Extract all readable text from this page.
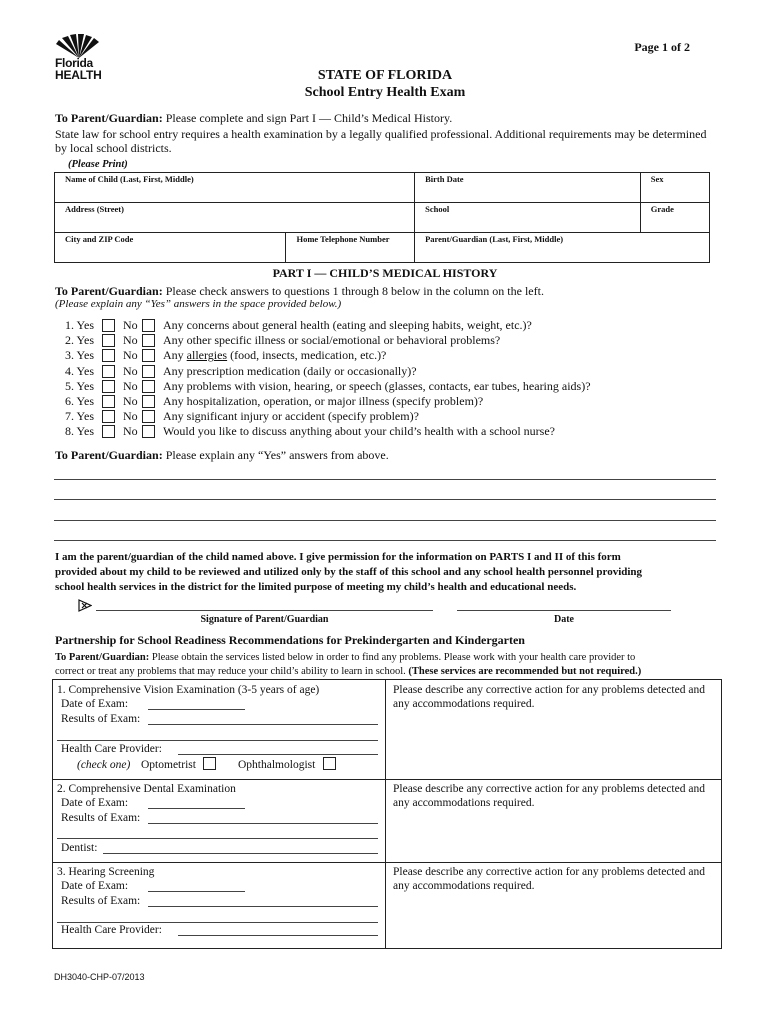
Florida
HEALTH
Page 1 of 2
STATE OF FLORIDA
School Entry Health Exam
To Parent/Guardian: Please complete and sign Part I — Child’s Medical History.
State law for school entry requires a health examination by a legally qualified professional. Additional requirements may be determined
by local school districts.
(Please Print)
Name of Child (Last, First, Middle)		Birth Date	Sex
Address (Street)		School	Grade
City and ZIP Code	Home Telephone Number	Parent/Guardian (Last, First, Middle)	
PART I — CHILD’S MEDICAL HISTORY
To Parent/Guardian: Please check answers to questions 1 through 8 below in the column on the left.
(Please explain any “Yes” answers in the space provided below.)
1. Yes No Any concerns about general health (eating and sleeping habits, weight, etc.)?
2. Yes No Any other specific illness or social/emotional or behavioral problems?
3. Yes No Any allergies (food, insects, medication, etc.)?
4. Yes No Any prescription medication (daily or occasionally)?
5. Yes No Any problems with vision, hearing, or speech (glasses, contacts, ear tubes, hearing aids)?
6. Yes No Any hospitalization, operation, or major illness (specify problem)?
7. Yes No Any significant injury or accident (specify problem)?
8. Yes No Would you like to discuss anything about your child’s health with a school nurse?
To Parent/Guardian: Please explain any “Yes” answers from above.
I am the parent/guardian of the child named above. I give permission for the information on PARTS I and II of this form
provided about my child to be reviewed and utilized only by the staff of this school and any school health personnel providing
school health services in the district for the limited purpose of meeting my child’s health and educational needs.
Signature of Parent/Guardian	Date
Partnership for School Readiness Recommendations for Prekindergarten and Kindergarten
To Parent/Guardian: Please obtain the services listed below in order to find any problems. Please work with your health care provider to
correct or treat any problems that may reduce your child’s ability to learn in school. (These services are recommended but not required.)
1. Comprehensive Vision Examination (3-5 years of age)
Date of Exam:
Results of Exam:
Health Care Provider:
(check one) Optometrist	Ophthalmologist
Please describe any corrective action for any problems detected and
any accommodations required.
2. Comprehensive Dental Examination
Date of Exam:
Results of Exam:
Dentist:
Please describe any corrective action for any problems detected and
any accommodations required.
3. Hearing Screening
Date of Exam:
Results of Exam:
Health Care Provider:
Please describe any corrective action for any problems detected and
any accommodations required.
DH3040-CHP-07/2013
